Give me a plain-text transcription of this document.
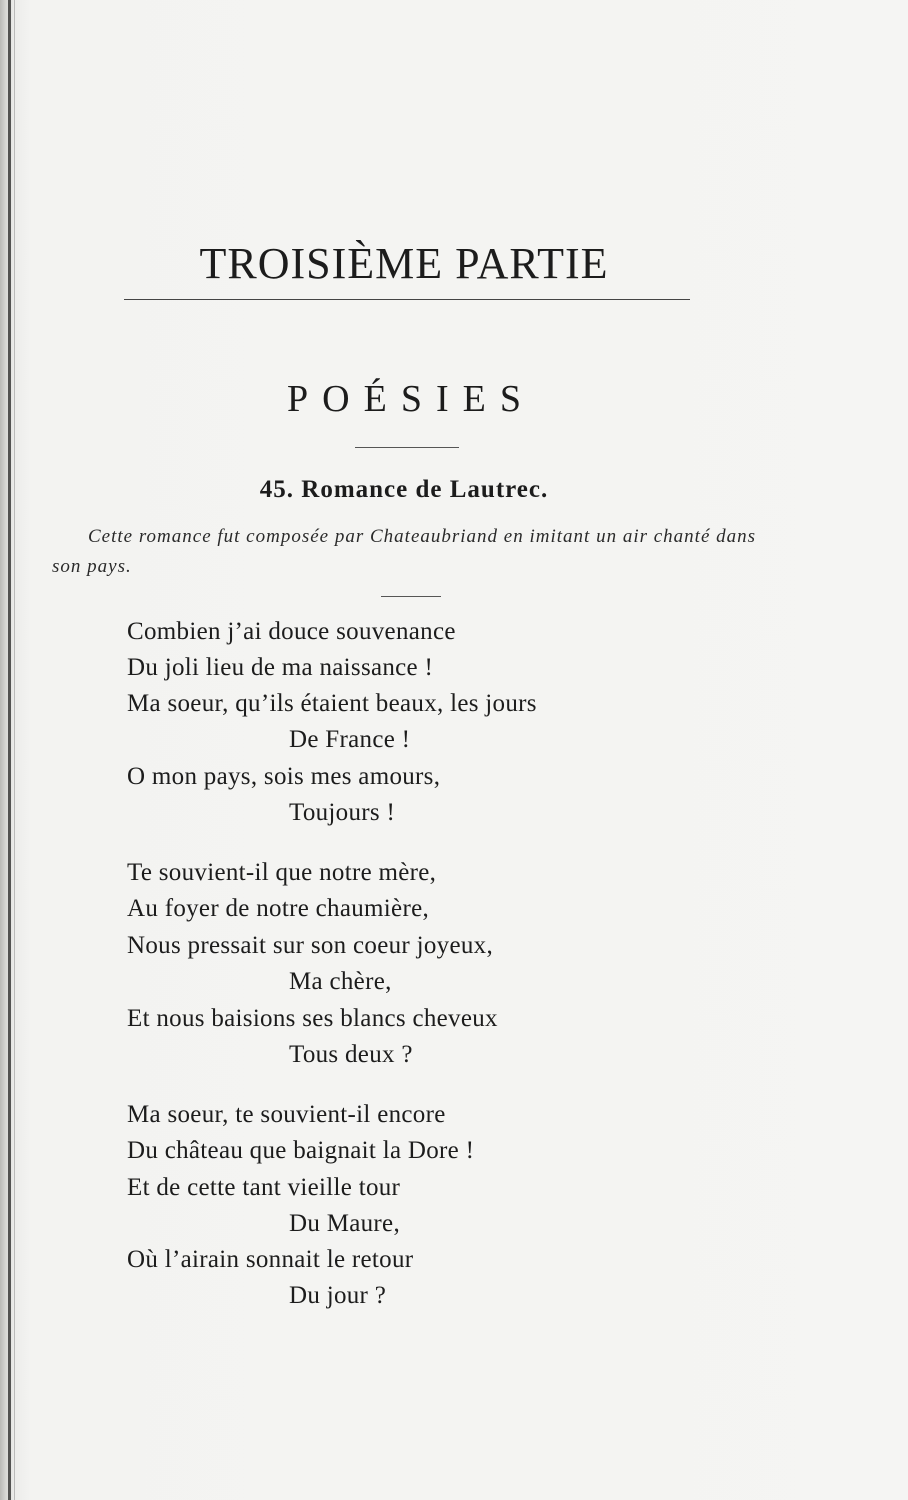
TROISIÈME PARTIE
POÉSIES
45. Romance de Lautrec.
Cette romance fut composée par Chateaubriand en imitant un air chanté dans son pays.
Combien j’ai douce souvenance
Du joli lieu de ma naissance !
Ma soeur, qu’ils étaient beaux, les jours
De France !
O mon pays, sois mes amours,
Toujours !
Te souvient-il que notre mère,
Au foyer de notre chaumière,
Nous pressait sur son coeur joyeux,
Ma chère,
Et nous baisions ses blancs cheveux
Tous deux ?
Ma soeur, te souvient-il encore
Du château que baignait la Dore !
Et de cette tant vieille tour
Du Maure,
Où l’airain sonnait le retour
Du jour ?
